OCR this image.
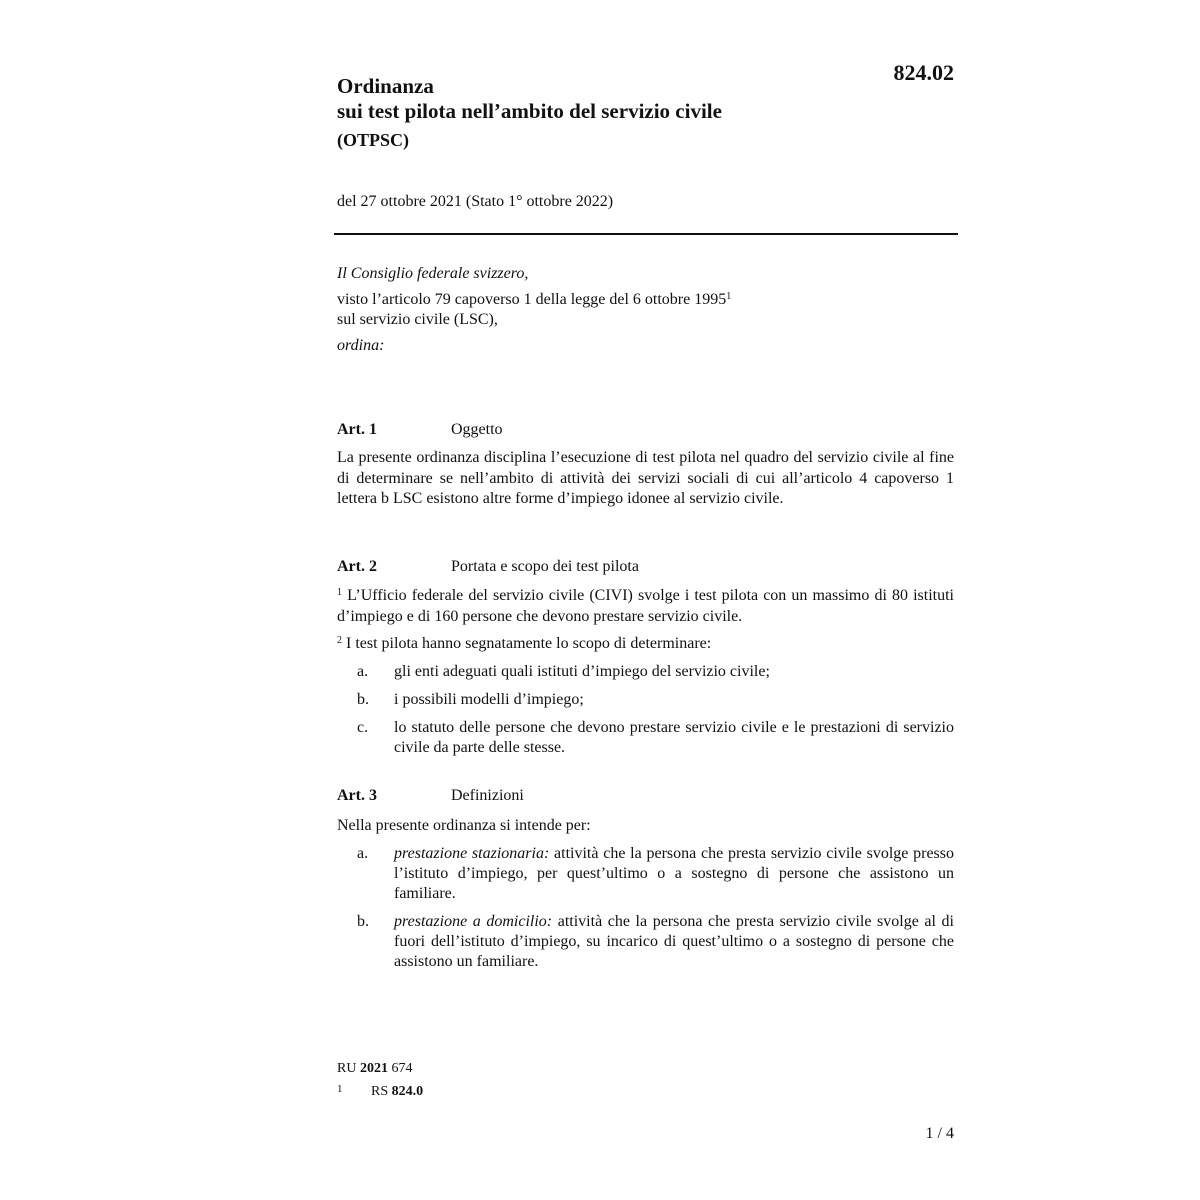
824.02
Ordinanza
sui test pilota nell’ambito del servizio civile
(OTPSC)
del 27 ottobre 2021 (Stato 1° ottobre 2022)
Il Consiglio federale svizzero,
visto l’articolo 79 capoverso 1 della legge del 6 ottobre 1995$^1$
sul servizio civile (LSC),
ordina:
Art. 1	Oggetto
La presente ordinanza disciplina l’esecuzione di test pilota nel quadro del servizio civile al fine di determinare se nell’ambito di attività dei servizi sociali di cui all’articolo 4 capoverso 1 lettera b LSC esistono altre forme d’impiego idonee al servizio civile.
Art. 2	Portata e scopo dei test pilota
$^1$ L’Ufficio federale del servizio civile (CIVI) svolge i test pilota con un massimo di 80 istituti d’impiego e di 160 persone che devono prestare servizio civile.
$^2$ I test pilota hanno segnatamente lo scopo di determinare:
a.	gli enti adeguati quali istituti d’impiego del servizio civile;
b.	i possibili modelli d’impiego;
c.	lo statuto delle persone che devono prestare servizio civile e le prestazioni di servizio civile da parte delle stesse.
Art. 3	Definizioni
Nella presente ordinanza si intende per:
a.	prestazione stazionaria: attività che la persona che presta servizio civile svolge presso l’istituto d’impiego, per quest’ultimo o a sostegno di persone che assistono un familiare.
b.	prestazione a domicilio: attività che la persona che presta servizio civile svolge al di fuori dell’istituto d’impiego, su incarico di quest’ultimo o a sostegno di persone che assistono un familiare.
RU 2021 674
1 RS 824.0
1 / 4
